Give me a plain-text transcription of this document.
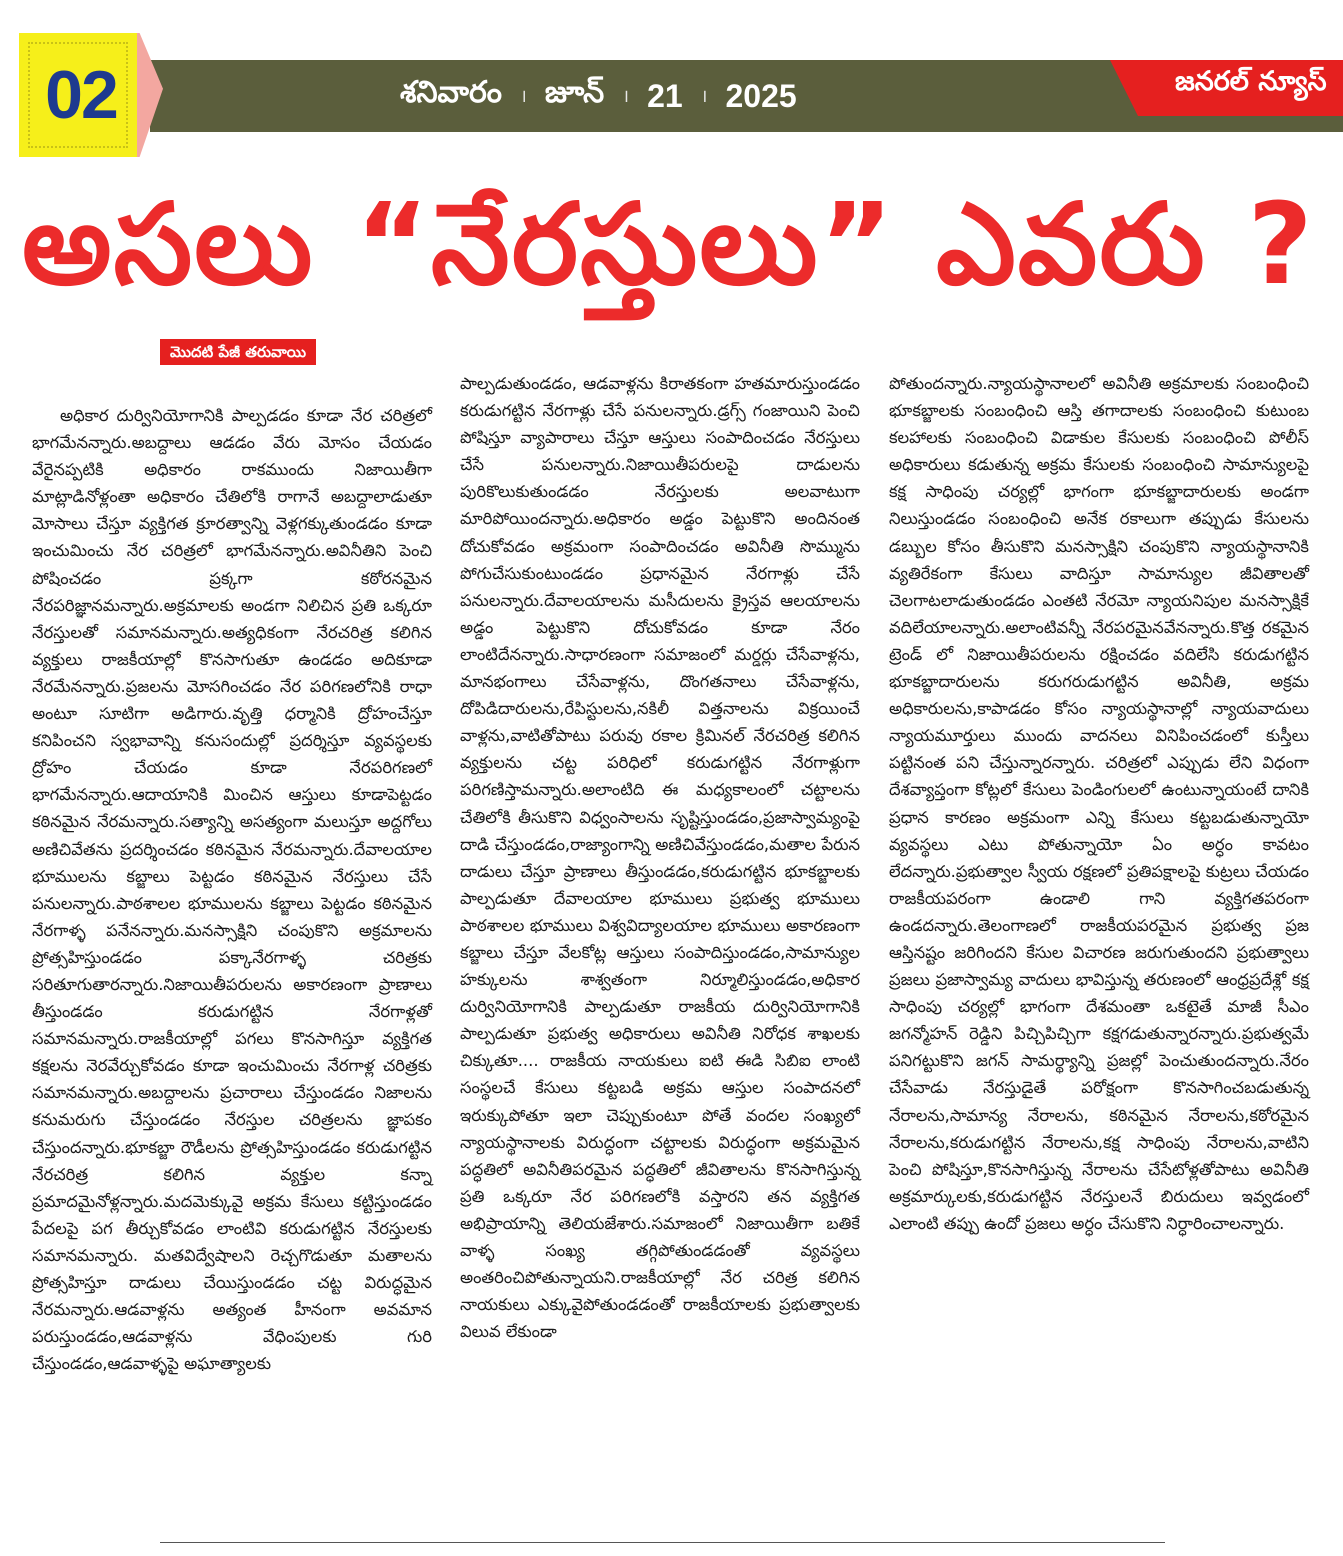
02	శనివారం । జూన్ । 21 । 2025	జనరల్ న్యూస్
అసలు “నేరస్తులు” ఎవరు ?
మొదటి పేజీ తరువాయి

అధికార దుర్వినియోగానికి పాల్పడడం కూడా నేర చరిత్రలో భాగమేనన్నారు.అబద్దాలు ఆడడం వేరు మోసం చేయడం వేరైనప్పటికి అధికారం రాకముందు నిజాయితీగా మాట్లాడినోళ్లంతా అధికారం చేతిలోకి రాగానే అబద్దాలాడుతూ మోసాలు చేస్తూ వ్యక్తిగత క్రూరత్వాన్ని వెళ్లగక్కుతుండడం కూడా ఇంచుమించు నేర చరిత్రలో భాగమేనన్నారు.అవినీతిని పెంచి పోషించడం ప్రక్కగా కఠోరనమైన నేరపరిజ్ఞానమన్నారు.అక్రమాలకు అండగా నిలిచిన ప్రతి ఒక్కరూ నేరస్తులతో సమానమన్నారు.అత్యధికంగా నేరచరిత్ర కలిగిన వ్యక్తులు రాజకీయాల్లో కొనసాగుతూ ఉండడం అదికూడా నేరమేనన్నారు.ప్రజలను మోసగించడం నేర పరిగణలోనికి రాధా అంటూ సూటిగా అడిగారు.వృత్తి ధర్మానికి ద్రోహంచేస్తూ కనిపించని స్వభావాన్ని కనుసందుల్లో ప్రదర్శిస్తూ వ్యవస్థలకు ద్రోహం చేయడం కూడా నేరపరిగణలో భాగమేనన్నారు.ఆదాయానికి మించిన ఆస్తులు కూడాపెట్టడం కఠినమైన నేరమన్నారు.సత్యాన్ని అసత్యంగా మలుస్తూ అద్దగోలు అణిచివేతను ప్రదర్శించడం కఠినమైన నేరమన్నారు.దేవాలయాల భూములను కబ్జాలు పెట్టడం కఠినమైన నేరస్తులు చేసే పనులన్నారు.పాఠశాలల భూములను కబ్జాలు పెట్టడం కఠినమైన నేరగాళ్ళ పనేనన్నారు.మనస్సాక్షిని చంపుకొని అక్రమాలను ప్రోత్సహిస్తుండడం పక్కానేరగాళ్ళ చరిత్రకు సరితూగుతారన్నారు.నిజాయితీపరులను అకారణంగా ప్రాణాలు తీస్తుండడం కరుడుగట్టిన నేరగాళ్లతో సమానమన్నారు.రాజకీయాల్లో పగలు కొనసాగిస్తూ వ్యక్తిగత కక్షలను నెరవేర్చుకోవడం కూడా ఇంచుమించు నేరగాళ్ల చరిత్రకు సమానమన్నారు.అబద్దాలను ప్రచారాలు చేస్తుండడం నిజాలను కనుమరుగు చేస్తుండడం నేరస్తుల చరిత్రలను జ్ఞాపకం చేస్తుందన్నారు.భూకబ్జా రౌడీలను ప్రోత్సహిస్తుండడం కరుడుగట్టిన నేరచరిత్ర కలిగిన వ్యక్తుల కన్నా ప్రమాదమైనోళ్లన్నారు.మదమెక్కువై అక్రమ కేసులు కట్టిస్తుండడం పేదలపై పగ తీర్చుకోవడం లాంటివి కరుడుగట్టిన నేరస్తులకు సమానమన్నారు. మతవిద్వేషాలని రెచ్చగొడుతూ మతాలను ప్రోత్సహిస్తూ దాడులు చేయిస్తుండడం చట్ట విరుద్ధమైన నేరమన్నారు.ఆడవాళ్లను అత్యంత హీనంగా అవమాన పరుస్తుండడం,ఆడవాళ్లను వేధింపులకు గురి చేస్తుండడం,ఆడవాళ్ళపై అఘాత్యాలకు

పాల్పడుతుండడం, ఆడవాళ్లను కిరాతకంగా హతమారుస్తుండడం కరుడుగట్టిన నేరగాళ్లు చేసే పనులన్నారు.డ్రగ్స్ గంజాయిని పెంచి పోషిస్తూ వ్యాపారాలు చేస్తూ ఆస్తులు సంపాదించడం నేరస్తులు చేసే పనులన్నారు.నిజాయితీపరులపై దాడులను పురికొలుకుతుండడం నేరస్తులకు అలవాటుగా మారిపోయిందన్నారు.అధికారం అడ్డం పెట్టుకొని అందినంత దోచుకోవడం అక్రమంగా సంపాదించడం అవినీతి సొమ్మును పోగుచేసుకుంటుండడం ప్రధానమైన నేరగాళ్లు చేసే పనులన్నారు.దేవాలయాలను మసీదులను క్రైస్తవ ఆలయాలను అడ్డం పెట్టుకొని దోచుకోవడం కూడా నేరం లాంటిదేనన్నారు.సాధారణంగా సమాజంలో మర్డర్లు చేసేవాళ్లను, మానభంగాలు చేసేవాళ్లను, దొంగతనాలు చేసేవాళ్లను, దోపిడిదారులను,రేపిస్టులను,నకిలీ విత్తనాలను విక్రయించే వాళ్లను,వాటితోపాటు పరువు రకాల క్రిమినల్ నేరచరిత్ర కలిగిన వ్యక్తులను చట్ట పరిధిలో కరుడుగట్టిన నేరగాళ్లుగా పరిగణిస్తామన్నారు.అలాంటిది ఈ మధ్యకాలంలో చట్టాలను చేతిలోకి తీసుకొని విధ్వంసాలను సృష్టిస్తుండడం,ప్రజాస్వామ్యంపై దాడి చేస్తుండడం,రాజ్యాంగాన్ని అణిచివేస్తుండడం,మతాల పేరున దాడులు చేస్తూ ప్రాణాలు తీస్తుండడం,కరుడుగట్టిన భూకబ్జాలకు పాల్పడుతూ దేవాలయాల భూములు ప్రభుత్వ భూములు పాఠశాలల భూములు విశ్వవిద్యాలయాల భూములు అకారణంగా కబ్జాలు చేస్తూ వేలకోట్ల ఆస్తులు సంపాదిస్తుండడం,సామాన్యుల హక్కులను శాశ్వతంగా నిర్మూలిస్తుండడం,అధికార దుర్వినియోగానికి పాల్పడుతూ రాజకీయ దుర్వినియోగానికి పాల్పడుతూ ప్రభుత్వ అధికారులు అవినీతి నిరోధక శాఖలకు చిక్కుతూ.... రాజకీయ నాయకులు ఐటి ఈడి సిబిఐ లాంటి సంస్థలచే కేసులు కట్టబడి అక్రమ ఆస్తుల సంపాదనలో ఇరుక్కుపోతూ ఇలా చెప్పుకుంటూ పోతే వందల సంఖ్యలో న్యాయస్థానాలకు విరుద్ధంగా చట్టాలకు విరుద్ధంగా అక్రమమైన పద్ధతిలో అవినీతిపరమైన పద్ధతిలో జీవితాలను కొనసాగిస్తున్న ప్రతి ఒక్కరూ నేర పరిగణలోకి వస్తారని తన వ్యక్తిగత అభిప్రాయాన్ని తెలియజేశారు.సమాజంలో నిజాయితీగా బతికే వాళ్ళ సంఖ్య తగ్గిపోతుండడంతో వ్యవస్థలు అంతరించిపోతున్నాయని.రాజకీయాల్లో నేర చరిత్ర కలిగిన నాయకులు ఎక్కువైపోతుండడంతో రాజకీయాలకు ప్రభుత్వాలకు విలువ లేకుండా

పోతుందన్నారు.న్యాయస్థానాలలో అవినీతి అక్రమాలకు సంబంధించి భూకబ్జాలకు సంబంధించి ఆస్తి తగాదాలకు సంబంధించి కుటుంబ కలహాలకు సంబంధించి విడాకుల కేసులకు సంబంధించి పోలీస్ అధికారులు కడుతున్న అక్రమ కేసులకు సంబంధించి సామాన్యులపై కక్ష సాధింపు చర్యల్లో భాగంగా భూకబ్జాదారులకు అండగా నిలుస్తుండడం సంబంధించి అనేక రకాలుగా తప్పుడు కేసులను డబ్బుల కోసం తీసుకొని మనస్సాక్షిని చంపుకొని న్యాయస్థానానికి వ్యతిరేకంగా కేసులు వాదిస్తూ సామాన్యుల జీవితాలతో చెలగాటలాడుతుండడం ఎంతటి నేరమో న్యాయనిపుల మనస్సాక్షికే వదిలేయాలన్నారు.అలాంటివన్నీ నేరపరమైనవేనన్నారు.కొత్త రకమైన ట్రెండ్ లో నిజాయితీపరులను రక్షించడం వదిలేసి కరుడుగట్టిన భూకబ్జాదారులను కరుగరుడుగట్టిన అవినీతి, అక్రమ అధికారులను,కాపాడడం కోసం న్యాయస్థానాల్లో న్యాయవాదులు న్యాయమూర్తులు ముందు వాదనలు వినిపించడంలో కుస్తీలు పట్టినంత పని చేస్తున్నారన్నారు. చరిత్రలో ఎప్పుడు లేని విధంగా దేశవ్యాప్తంగా కోట్లలో కేసులు పెండింగులలో ఉంటున్నాయంటే దానికి ప్రధాన కారణం అక్రమంగా ఎన్ని కేసులు కట్టబడుతున్నాయో వ్యవస్థలు ఎటు పోతున్నాయో ఏం అర్ధం కావటం లేదన్నారు.ప్రభుత్వాల స్వీయ రక్షణలో ప్రతిపక్షాలపై కుట్రలు చేయడం రాజకీయపరంగా ఉండాలి గాని వ్యక్తిగతపరంగా ఉండదన్నారు.తెలంగాణలో రాజకీయపరమైన ప్రభుత్వ ప్రజ ఆస్తినష్టం జరిగిందని కేసుల విచారణ జరుగుతుందని ప్రభుత్వాలు ప్రజలు ప్రజాస్వామ్య వాదులు భావిస్తున్న తరుణంలో ఆంధ్రప్రదేశ్లో కక్ష సాధింపు చర్యల్లో భాగంగా దేశమంతా ఒకటైతే మాజీ సీఎం జగన్మోహన్ రెడ్డిని పిచ్చిపిచ్చిగా కక్షగడుతున్నారన్నారు.ప్రభుత్వమే పనిగట్టుకొని జగన్ సామర్థ్యాన్ని ప్రజల్లో పెంచుతుందన్నారు.నేరం చేసేవాడు నేరస్తుడైతే పరోక్షంగా కొనసాగించబడుతున్న నేరాలను,సామాన్య నేరాలను, కఠినమైన నేరాలను,కఠోరమైన నేరాలను,కరుడుగట్టిన నేరాలను,కక్ష సాధింపు నేరాలను,వాటిని పెంచి పోషిస్తూ,కొనసాగిస్తున్న నేరాలను చేసేటోళ్లతోపాటు అవినీతి అక్రమార్కులకు,కరుడుగట్టిన నేరస్తులనే బిరుదులు ఇవ్వడంలో ఎలాంటి తప్పు ఉందో ప్రజలు అర్ధం చేసుకొని నిర్ధారించాలన్నారు.
